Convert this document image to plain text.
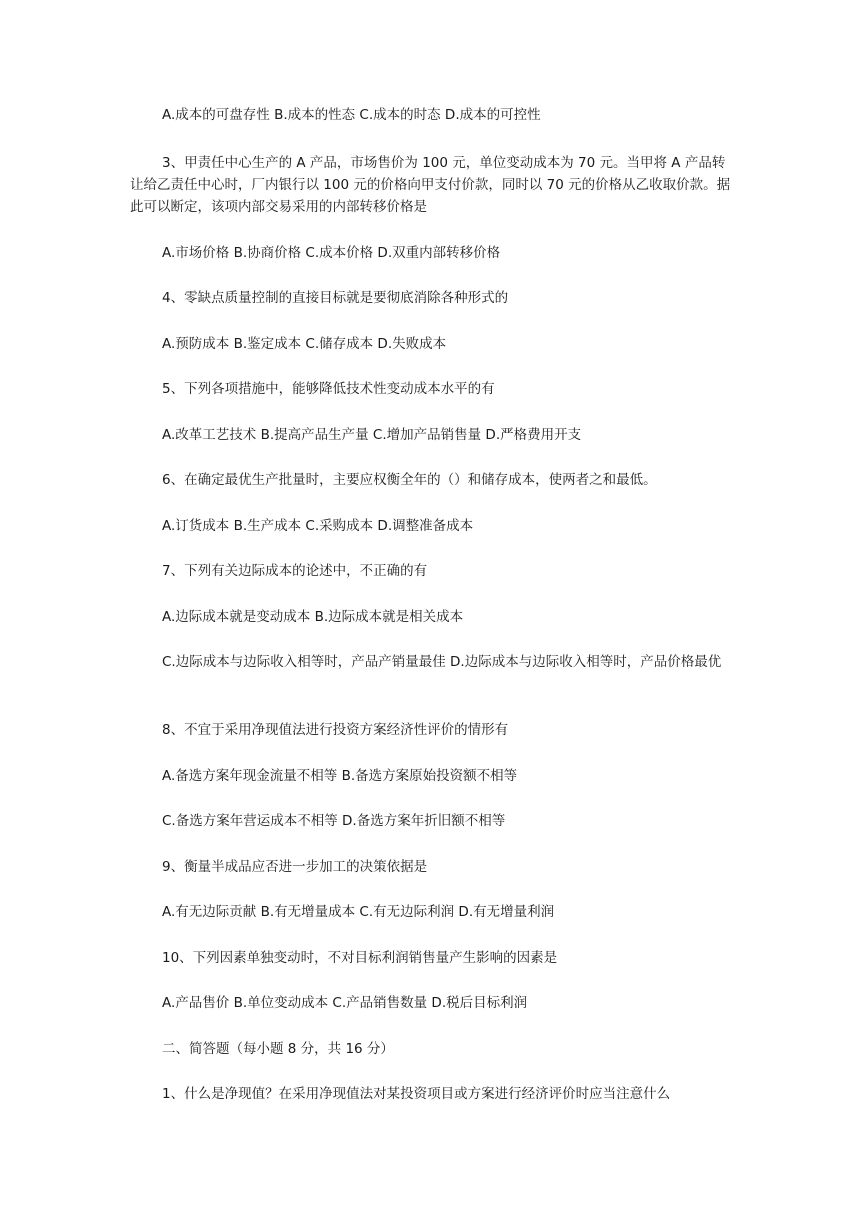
A.成本的可盘存性 B.成本的性态 C.成本的时态 D.成本的可控性

3、甲责任中心生产的 A 产品，市场售价为 100 元，单位变动成本为 70 元。当甲将 A 产品转让给乙责任中心时，厂内银行以 100 元的价格向甲支付价款，同时以 70 元的价格从乙收取价款。据此可以断定，该项内部交易采用的内部转移价格是

A.市场价格 B.协商价格 C.成本价格 D.双重内部转移价格

4、零缺点质量控制的直接目标就是要彻底消除各种形式的

A.预防成本 B.鉴定成本 C.储存成本 D.失败成本

5、下列各项措施中，能够降低技术性变动成本水平的有

A.改革工艺技术 B.提高产品生产量 C.增加产品销售量 D.严格费用开支

6、在确定最优生产批量时，主要应权衡全年的（）和储存成本，使两者之和最低。

A.订货成本 B.生产成本 C.采购成本 D.调整准备成本

7、下列有关边际成本的论述中，不正确的有

A.边际成本就是变动成本 B.边际成本就是相关成本

C.边际成本与边际收入相等时，产品产销量最佳 D.边际成本与边际收入相等时，产品价格最优

8、不宜于采用净现值法进行投资方案经济性评价的情形有

A.备选方案年现金流量不相等 B.备选方案原始投资额不相等

C.备选方案年营运成本不相等 D.备选方案年折旧额不相等

9、衡量半成品应否进一步加工的决策依据是

A.有无边际贡献 B.有无增量成本 C.有无边际利润 D.有无增量利润

10、下列因素单独变动时，不对目标利润销售量产生影响的因素是

A.产品售价 B.单位变动成本 C.产品销售数量 D.税后目标利润

二、简答题（每小题 8 分，共 16 分）

1、什么是净现值？在采用净现值法对某投资项目或方案进行经济评价时应当注意什么
